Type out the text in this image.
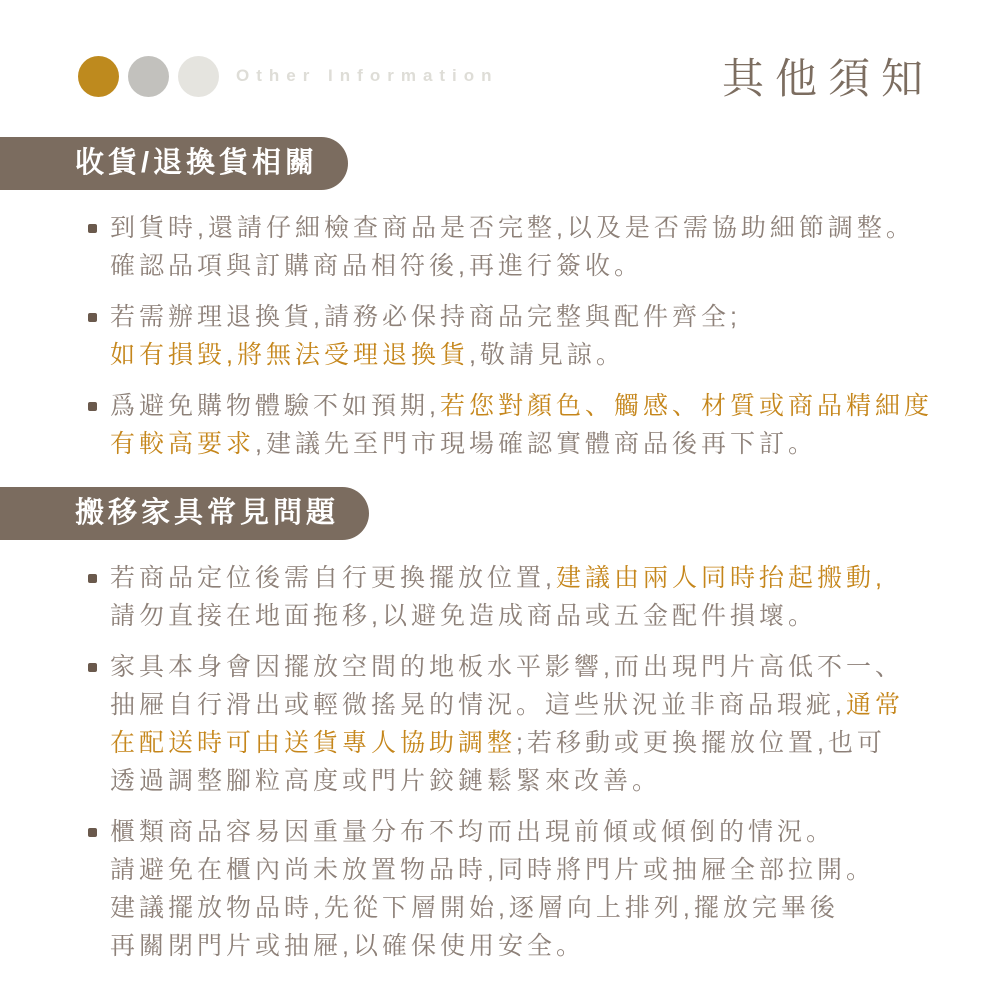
Other Information	其他須知
收貨/退換貨相關
到貨時,還請仔細檢查商品是否完整,以及是否需協助細節調整。
確認品項與訂購商品相符後,再進行簽收。
若需辦理退換貨,請務必保持商品完整與配件齊全;
如有損毀,將無法受理退換貨,敬請見諒。
爲避免購物體驗不如預期,若您對顏色、觸感、材質或商品精細度
有較高要求,建議先至門市現場確認實體商品後再下訂。
搬移家具常見問題
若商品定位後需自行更換擺放位置,建議由兩人同時抬起搬動,
請勿直接在地面拖移,以避免造成商品或五金配件損壞。
家具本身會因擺放空間的地板水平影響,而出現門片高低不一、
抽屜自行滑出或輕微搖晃的情況。這些狀況並非商品瑕疵,通常
在配送時可由送貨專人協助調整;若移動或更換擺放位置,也可
透過調整腳粒高度或門片鉸鏈鬆緊來改善。
櫃類商品容易因重量分布不均而出現前傾或傾倒的情況。
請避免在櫃內尚未放置物品時,同時將門片或抽屜全部拉開。
建議擺放物品時,先從下層開始,逐層向上排列,擺放完畢後
再關閉門片或抽屜,以確保使用安全。
